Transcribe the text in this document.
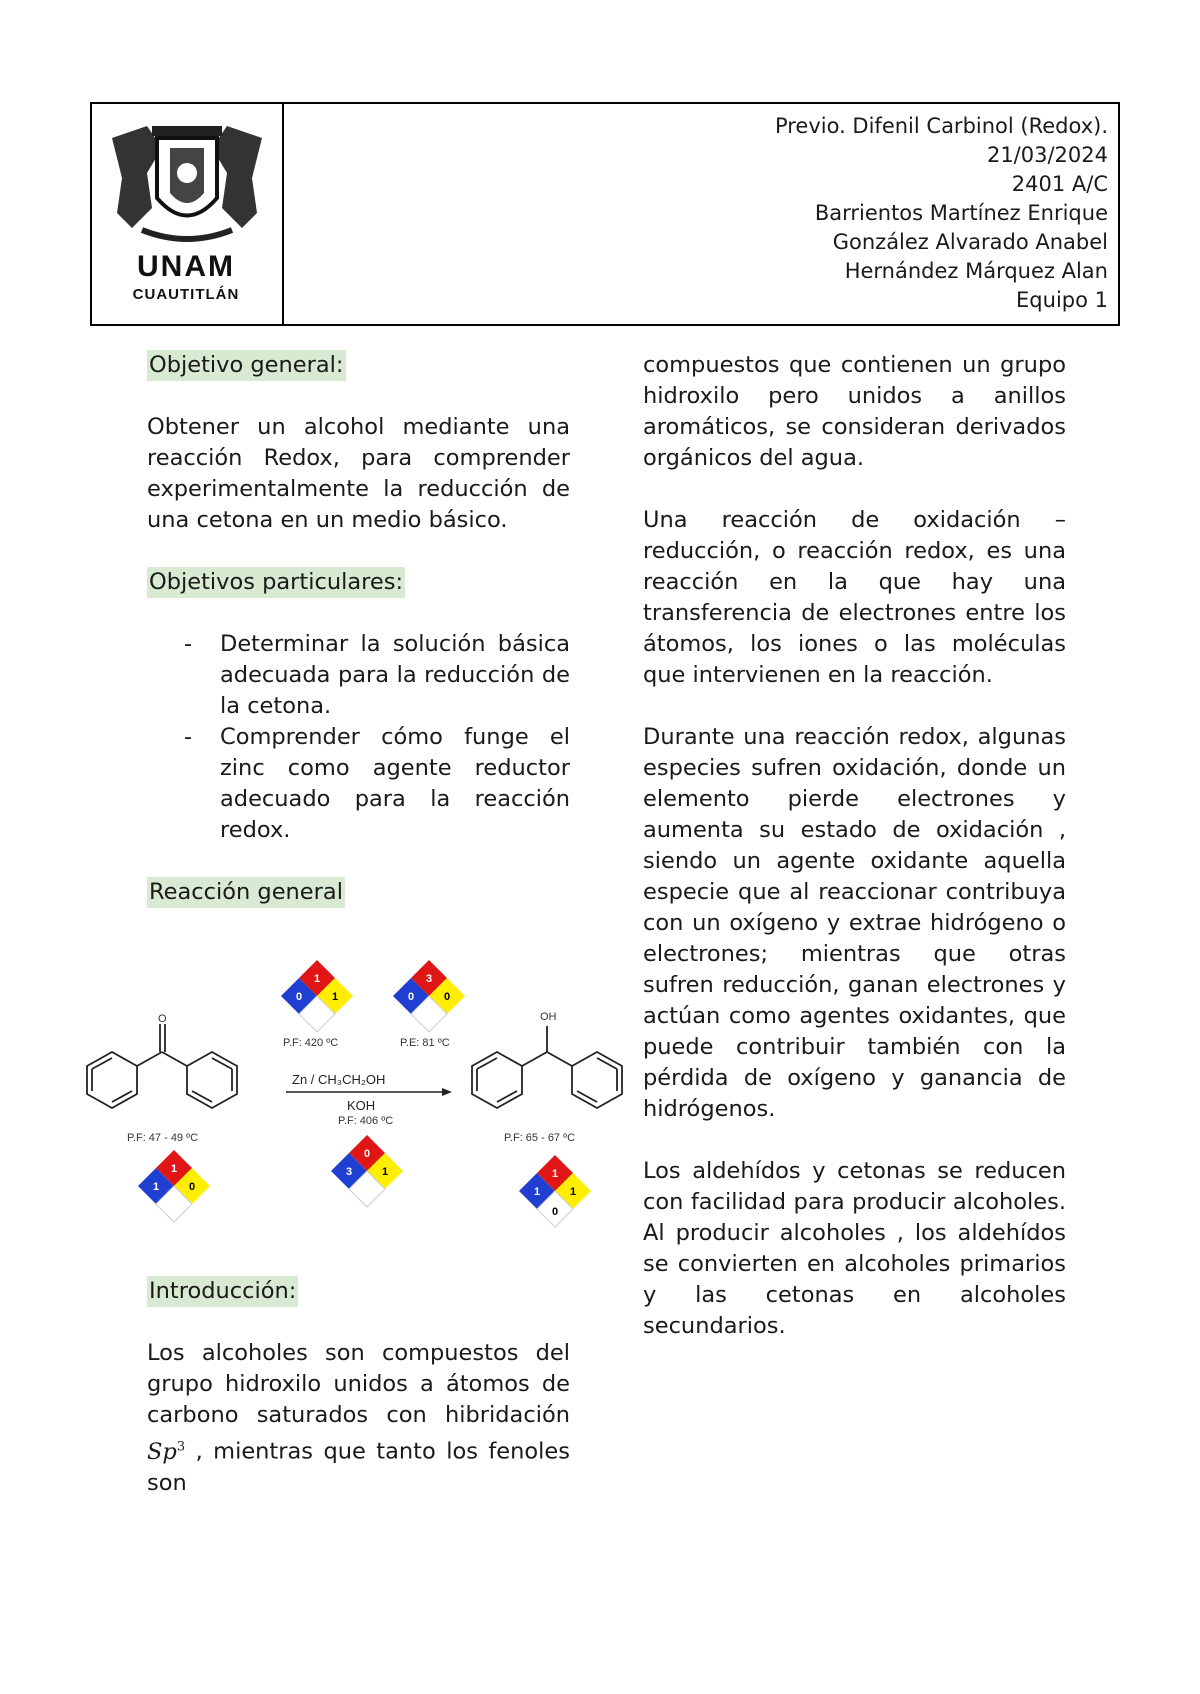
UNAM
CUAUTITLÁN
Previo. Difenil Carbinol (Redox).
21/03/2024
2401 A/C
Barrientos Martínez Enrique
González Alvarado Anabel
Hernández Márquez Alan
Equipo 1
Objetivo general:

Obtener un alcohol mediante una reacción Redox, para comprender experimentalmente la reducción de una cetona en un medio básico.

Objetivos particulares:
- Determinar la solución básica adecuada para la reducción de la cetona.
- Comprender cómo funge el zinc como agente reductor adecuado para la reacción redox.
Reacción general
O
P.F: 47 - 49 ºC
Zn / CH₃CH₂OH
KOH
P.F: 406 ºC
P.F: 420 ºC	P.E: 81 ºC
OH
P.F: 65 - 67 ºC
1
0	1
3
0	0
0
3	1
1
1	0
1
1	1
0
Introducción:

Los alcoholes son compuestos del grupo hidroxilo unidos a átomos de carbono saturados con hibridación Sp$^3$ , mientras que tanto los fenoles son

compuestos que contienen un grupo hidroxilo pero unidos a anillos aromáticos, se consideran derivados orgánicos del agua.

Una reacción de oxidación – reducción, o reacción redox, es una reacción en la que hay una transferencia de electrones entre los átomos, los iones o las moléculas que intervienen en la reacción.

Durante una reacción redox, algunas especies sufren oxidación, donde un elemento pierde electrones y aumenta su estado de oxidación , siendo un agente oxidante aquella especie que al reaccionar contribuya con un oxígeno y extrae hidrógeno o electrones; mientras que otras sufren reducción, ganan electrones y actúan como agentes oxidantes, que puede contribuir también con la pérdida de oxígeno y ganancia de hidrógenos.

Los aldehídos y cetonas se reducen con facilidad para producir alcoholes. Al producir alcoholes , los aldehídos se convierten en alcoholes primarios y las cetonas en alcoholes secundarios.
